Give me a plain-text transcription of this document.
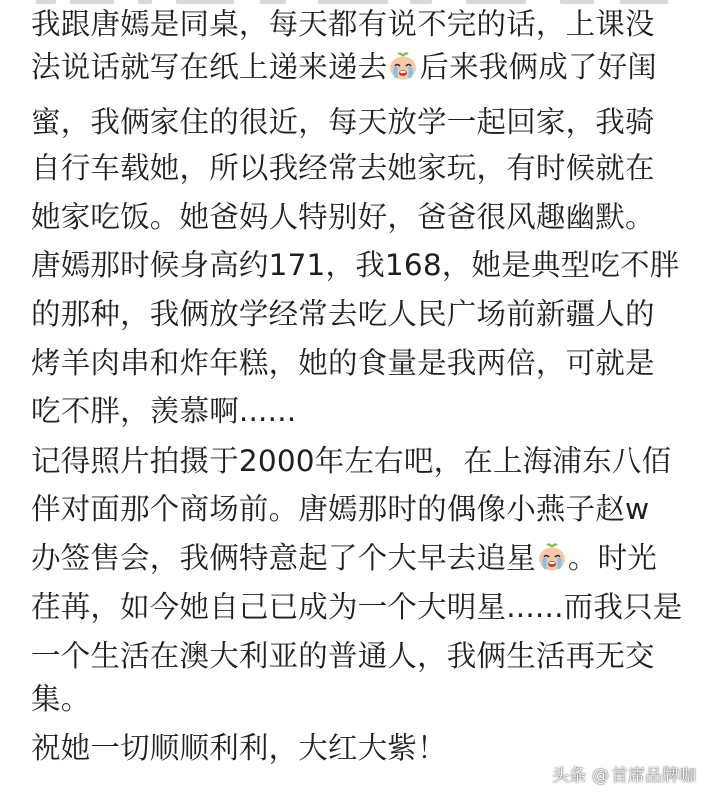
我跟唐嫣是同桌，每天都有说不完的话，上课没
法说话就写在纸上递来递去 后来我俩成了好闺
蜜，我俩家住的很近，每天放学一起回家，我骑
自行车载她，所以我经常去她家玩，有时候就在
她家吃饭。她爸妈人特别好，爸爸很风趣幽默。
唐嫣那时候身高约171，我168，她是典型吃不胖
的那种，我俩放学经常去吃人民广场前新疆人的
烤羊肉串和炸年糕，她的食量是我两倍，可就是
吃不胖，羡慕啊......
记得照片拍摄于2000年左右吧，在上海浦东八佰
伴对面那个商场前。唐嫣那时的偶像小燕子赵w
办签售会，我俩特意起了个大早去追星 。时光
荏苒，如今她自己已成为一个大明星......而我只是
一个生活在澳大利亚的普通人，我俩生活再无交
集。
祝她一切顺顺利利，大红大紫！
头条 @ 首席品牌咖
